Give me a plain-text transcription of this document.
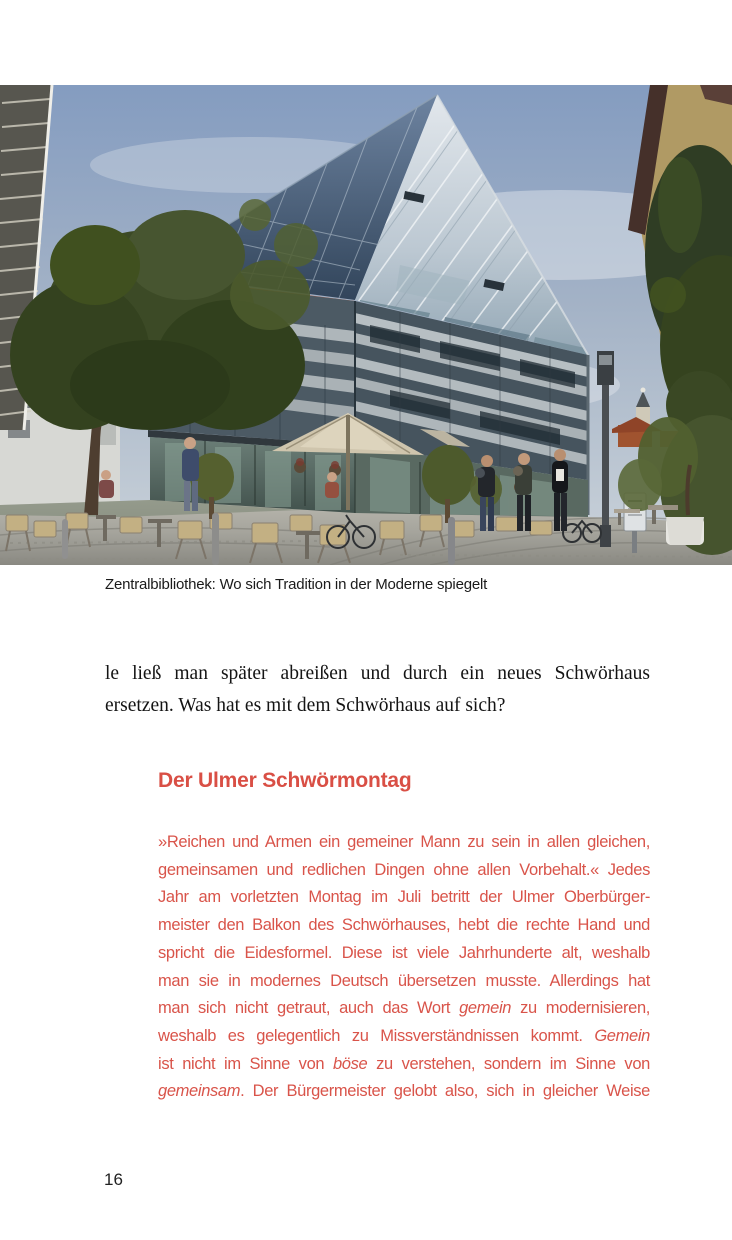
Zentralbibliothek: Wo sich Tradition in der Moderne spiegelt
le ließ man später abreißen und durch ein neues Schwörhaus
ersetzen. Was hat es mit dem Schwörhaus auf sich?
Der Ulmer Schwörmontag
»Reichen und Armen ein gemeiner Mann zu sein in allen gleichen,
gemeinsamen und redlichen Dingen ohne allen Vorbehalt.« Jedes
Jahr am vorletzten Montag im Juli betritt der Ulmer Oberbürger-
meister den Balkon des Schwörhauses, hebt die rechte Hand und
spricht die Eidesformel. Diese ist viele Jahrhunderte alt, weshalb
man sie in modernes Deutsch übersetzen musste. Allerdings hat
man sich nicht getraut, auch das Wort gemein zu modernisieren,
weshalb es gelegentlich zu Missverständnissen kommt. Gemein
ist nicht im Sinne von böse zu verstehen, sondern im Sinne von
gemeinsam. Der Bürgermeister gelobt also, sich in gleicher Weise
16
